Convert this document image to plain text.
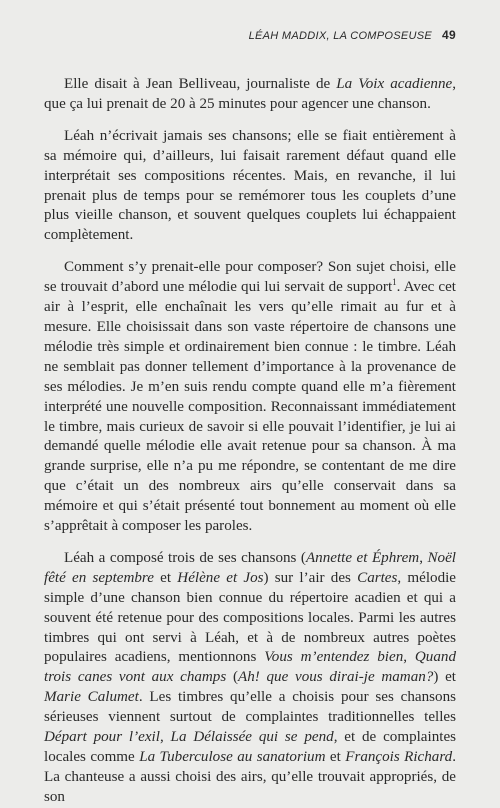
LÉAH MADDIX, LA COMPOSEUSE 49

Elle disait à Jean Belliveau, journaliste de La Voix acadienne, que ça lui prenait de 20 à 25 minutes pour agencer une chanson.

Léah n’écrivait jamais ses chansons; elle se fiait entièrement à sa mémoire qui, d’ailleurs, lui faisait rarement défaut quand elle interprétait ses compositions récentes. Mais, en revanche, il lui prenait plus de temps pour se remémorer tous les couplets d’une plus vieille chanson, et souvent quelques couplets lui échappaient complètement.

Comment s’y prenait-elle pour composer? Son sujet choisi, elle se trouvait d’abord une mélodie qui lui servait de support$^1$. Avec cet air à l’esprit, elle enchaînait les vers qu’elle rimait au fur et à mesure. Elle choisissait dans son vaste répertoire de chansons une mélodie très simple et ordinairement bien connue : le timbre. Léah ne semblait pas donner tellement d’importance à la provenance de ses mélodies. Je m’en suis rendu compte quand elle m’a fièrement interprété une nouvelle composition. Reconnaissant immédiatement le timbre, mais curieux de savoir si elle pouvait l’identifier, je lui ai demandé quelle mélodie elle avait retenue pour sa chanson. À ma grande surprise, elle n’a pu me répondre, se contentant de me dire que c’était un des nombreux airs qu’elle conservait dans sa mémoire et qui s’était présenté tout bonnement au moment où elle s’apprêtait à composer les paroles.

Léah a composé trois de ses chansons (Annette et Éphrem, Noël fêté en septembre et Hélène et Jos) sur l’air des Cartes, mélodie simple d’une chanson bien connue du répertoire acadien et qui a souvent été retenue pour des compositions locales. Parmi les autres timbres qui ont servi à Léah, et à de nombreux autres poètes populaires acadiens, mentionnons Vous m’entendez bien, Quand trois canes vont aux champs (Ah! que vous dirai-je maman?) et Marie Calumet. Les timbres qu’elle a choisis pour ses chansons sérieuses viennent surtout de complaintes traditionnelles telles Départ pour l’exil, La Délaissée qui se pend, et de complaintes locales comme La Tuberculose au sanatorium et François Richard. La chanteuse a aussi choisi des airs, qu’elle trouvait appropriés, de son
